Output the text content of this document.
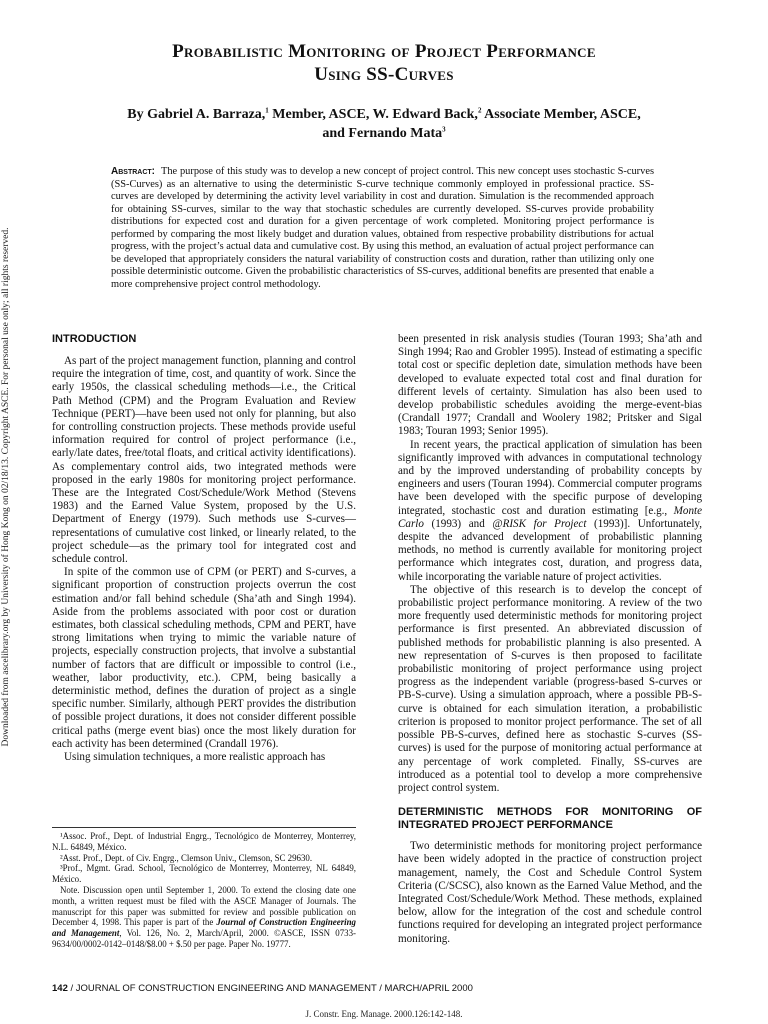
Downloaded from ascelibrary.org by University of Hong Kong on 02/18/13. Copyright ASCE. For personal use only; all rights reserved.
Probabilistic Monitoring of Project Performance
Using SS-Curves
By Gabriel A. Barraza,$^1$ Member, ASCE, W. Edward Back,$^2$ Associate Member, ASCE,
and Fernando Mata$^3$
Abstract: The purpose of this study was to develop a new concept of project control. This new concept uses stochastic S-curves (SS-Curves) as an alternative to using the deterministic S-curve technique commonly employed in professional practice. SS-curves are developed by determining the activity level variability in cost and duration. Simulation is the recommended approach for obtaining SS-curves, similar to the way that stochastic schedules are currently developed. SS-curves provide probability distributions for expected cost and duration for a given percentage of work completed. Monitoring project performance is performed by comparing the most likely budget and duration values, obtained from respective probability distributions for actual progress, with the project’s actual data and cumulative cost. By using this method, an evaluation of actual project performance can be developed that appropriately considers the natural variability of construction costs and duration, rather than utilizing only one possible deterministic outcome. Given the probabilistic characteristics of SS-curves, additional benefits are presented that enable a more comprehensive project control methodology.
INTRODUCTION

As part of the project management function, planning and control require the integration of time, cost, and quantity of work. Since the early 1950s, the classical scheduling methods—i.e., the Critical Path Method (CPM) and the Program Evaluation and Review Technique (PERT)—have been used not only for planning, but also for controlling construction projects. These methods provide useful information required for control of project performance (i.e., early/late dates, free/total floats, and critical activity identifications). As complementary control aids, two integrated methods were proposed in the early 1980s for monitoring project performance. These are the Integrated Cost/Schedule/Work Method (Stevens 1983) and the Earned Value System, proposed by the U.S. Department of Energy (1979). Such methods use S-curves—representations of cumulative cost linked, or linearly related, to the project schedule—as the primary tool for integrated cost and schedule control.

In spite of the common use of CPM (or PERT) and S-curves, a significant proportion of construction projects overrun the cost estimation and/or fall behind schedule (Sha’ath and Singh 1994). Aside from the problems associated with poor cost or duration estimates, both classical scheduling methods, CPM and PERT, have strong limitations when trying to mimic the variable nature of projects, especially construction projects, that involve a substantial number of factors that are difficult or impossible to control (i.e., weather, labor productivity, etc.). CPM, being basically a deterministic method, defines the duration of project as a single specific number. Similarly, although PERT provides the distribution of possible project durations, it does not consider different possible critical paths (merge event bias) once the most likely duration for each activity has been determined (Crandall 1976).

Using simulation techniques, a more realistic approach has

¹Assoc. Prof., Dept. of Industrial Engrg., Tecnológico de Monterrey, Monterrey, N.L. 64849, México.

²Asst. Prof., Dept. of Civ. Engrg., Clemson Univ., Clemson, SC 29630.

³Prof., Mgmt. Grad. School, Tecnológico de Monterrey, Monterrey, NL 64849, México.

Note. Discussion open until September 1, 2000. To extend the closing date one month, a written request must be filed with the ASCE Manager of Journals. The manuscript for this paper was submitted for review and possible publication on December 4, 1998. This paper is part of the Journal of Construction Engineering and Management, Vol. 126, No. 2, March/April, 2000. ©ASCE, ISSN 0733-9634/00/0002-0142–0148/$8.00 + $.50 per page. Paper No. 19777.

been presented in risk analysis studies (Touran 1993; Sha’ath and Singh 1994; Rao and Grobler 1995). Instead of estimating a specific total cost or specific depletion date, simulation methods have been developed to evaluate expected total cost and final duration for different levels of certainty. Simulation has also been used to develop probabilistic schedules avoiding the merge-event-bias (Crandall 1977; Crandall and Woolery 1982; Pritsker and Sigal 1983; Touran 1993; Senior 1995).

In recent years, the practical application of simulation has been significantly improved with advances in computational technology and by the improved understanding of probability concepts by engineers and users (Touran 1994). Commercial computer programs have been developed with the specific purpose of developing integrated, stochastic cost and duration estimating [e.g., Monte Carlo (1993) and @RISK for Project (1993)]. Unfortunately, despite the advanced development of probabilistic planning methods, no method is currently available for monitoring project performance which integrates cost, duration, and progress data, while incorporating the variable nature of project activities.

The objective of this research is to develop the concept of probabilistic project performance monitoring. A review of the two more frequently used deterministic methods for monitoring project performance is first presented. An abbreviated discussion of published methods for probabilistic planning is also presented. A new representation of S-curves is then proposed to facilitate probabilistic monitoring of project performance using project progress as the independent variable (progress-based S-curves or PB-S-curve). Using a simulation approach, where a possible PB-S-curve is obtained for each simulation iteration, a probabilistic criterion is proposed to monitor project performance. The set of all possible PB-S-curves, defined here as stochastic S-curves (SS-curves) is used for the purpose of monitoring actual performance at any percentage of work completed. Finally, SS-curves are introduced as a potential tool to develop a more comprehensive project control system.

DETERMINISTIC METHODS FOR MONITORING OF INTEGRATED PROJECT PERFORMANCE

Two deterministic methods for monitoring project performance have been widely adopted in the practice of construction project management, namely, the Cost and Schedule Control System Criteria (C/SCSC), also known as the Earned Value Method, and the Integrated Cost/Schedule/Work Method. These methods, explained below, allow for the integration of the cost and schedule control functions required for developing an integrated project performance monitoring.

142 / JOURNAL OF CONSTRUCTION ENGINEERING AND MANAGEMENT / MARCH/APRIL 2000
J. Constr. Eng. Manage. 2000.126:142-148.
